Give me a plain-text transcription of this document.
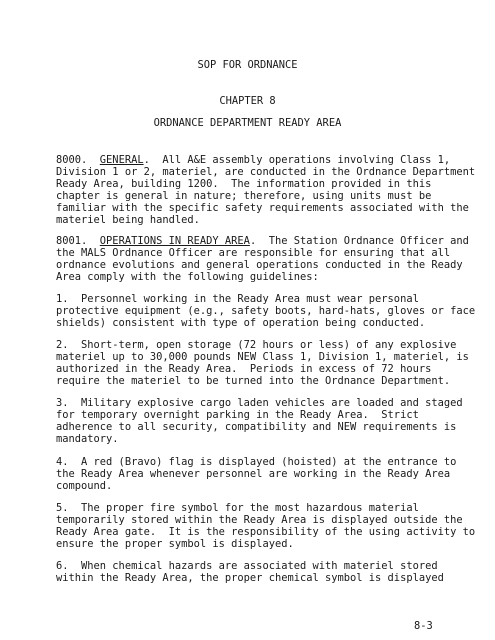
SOP FOR ORDNANCE
CHAPTER 8
ORDNANCE DEPARTMENT READY AREA
8000. GENERAL.  All A&E assembly operations involving Class 1,
Division 1 or 2, materiel, are conducted in the Ordnance Department
Ready Area, building 1200.  The information provided in this
chapter is general in nature; therefore, using units must be
familiar with the specific safety requirements associated with the
materiel being handled.
8001. OPERATIONS IN READY AREA.  The Station Ordnance Officer and
the MALS Ordnance Officer are responsible for ensuring that all
ordnance evolutions and general operations conducted in the Ready
Area comply with the following guidelines:
1.  Personnel working in the Ready Area must wear personal
protective equipment (e.g., safety boots, hard-hats, gloves or face
shields) consistent with type of operation being conducted.
2.  Short-term, open storage (72 hours or less) of any explosive
materiel up to 30,000 pounds NEW Class 1, Division 1, materiel, is
authorized in the Ready Area.  Periods in excess of 72 hours
require the materiel to be turned into the Ordnance Department.
3.  Military explosive cargo laden vehicles are loaded and staged
for temporary overnight parking in the Ready Area.  Strict
adherence to all security, compatibility and NEW requirements is
mandatory.
4.  A red (Bravo) flag is displayed (hoisted) at the entrance to
the Ready Area whenever personnel are working in the Ready Area
compound.
5.  The proper fire symbol for the most hazardous material
temporarily stored within the Ready Area is displayed outside the
Ready Area gate.  It is the responsibility of the using activity to
ensure the proper symbol is displayed.
6.  When chemical hazards are associated with materiel stored
within the Ready Area, the proper chemical symbol is displayed
8-3
